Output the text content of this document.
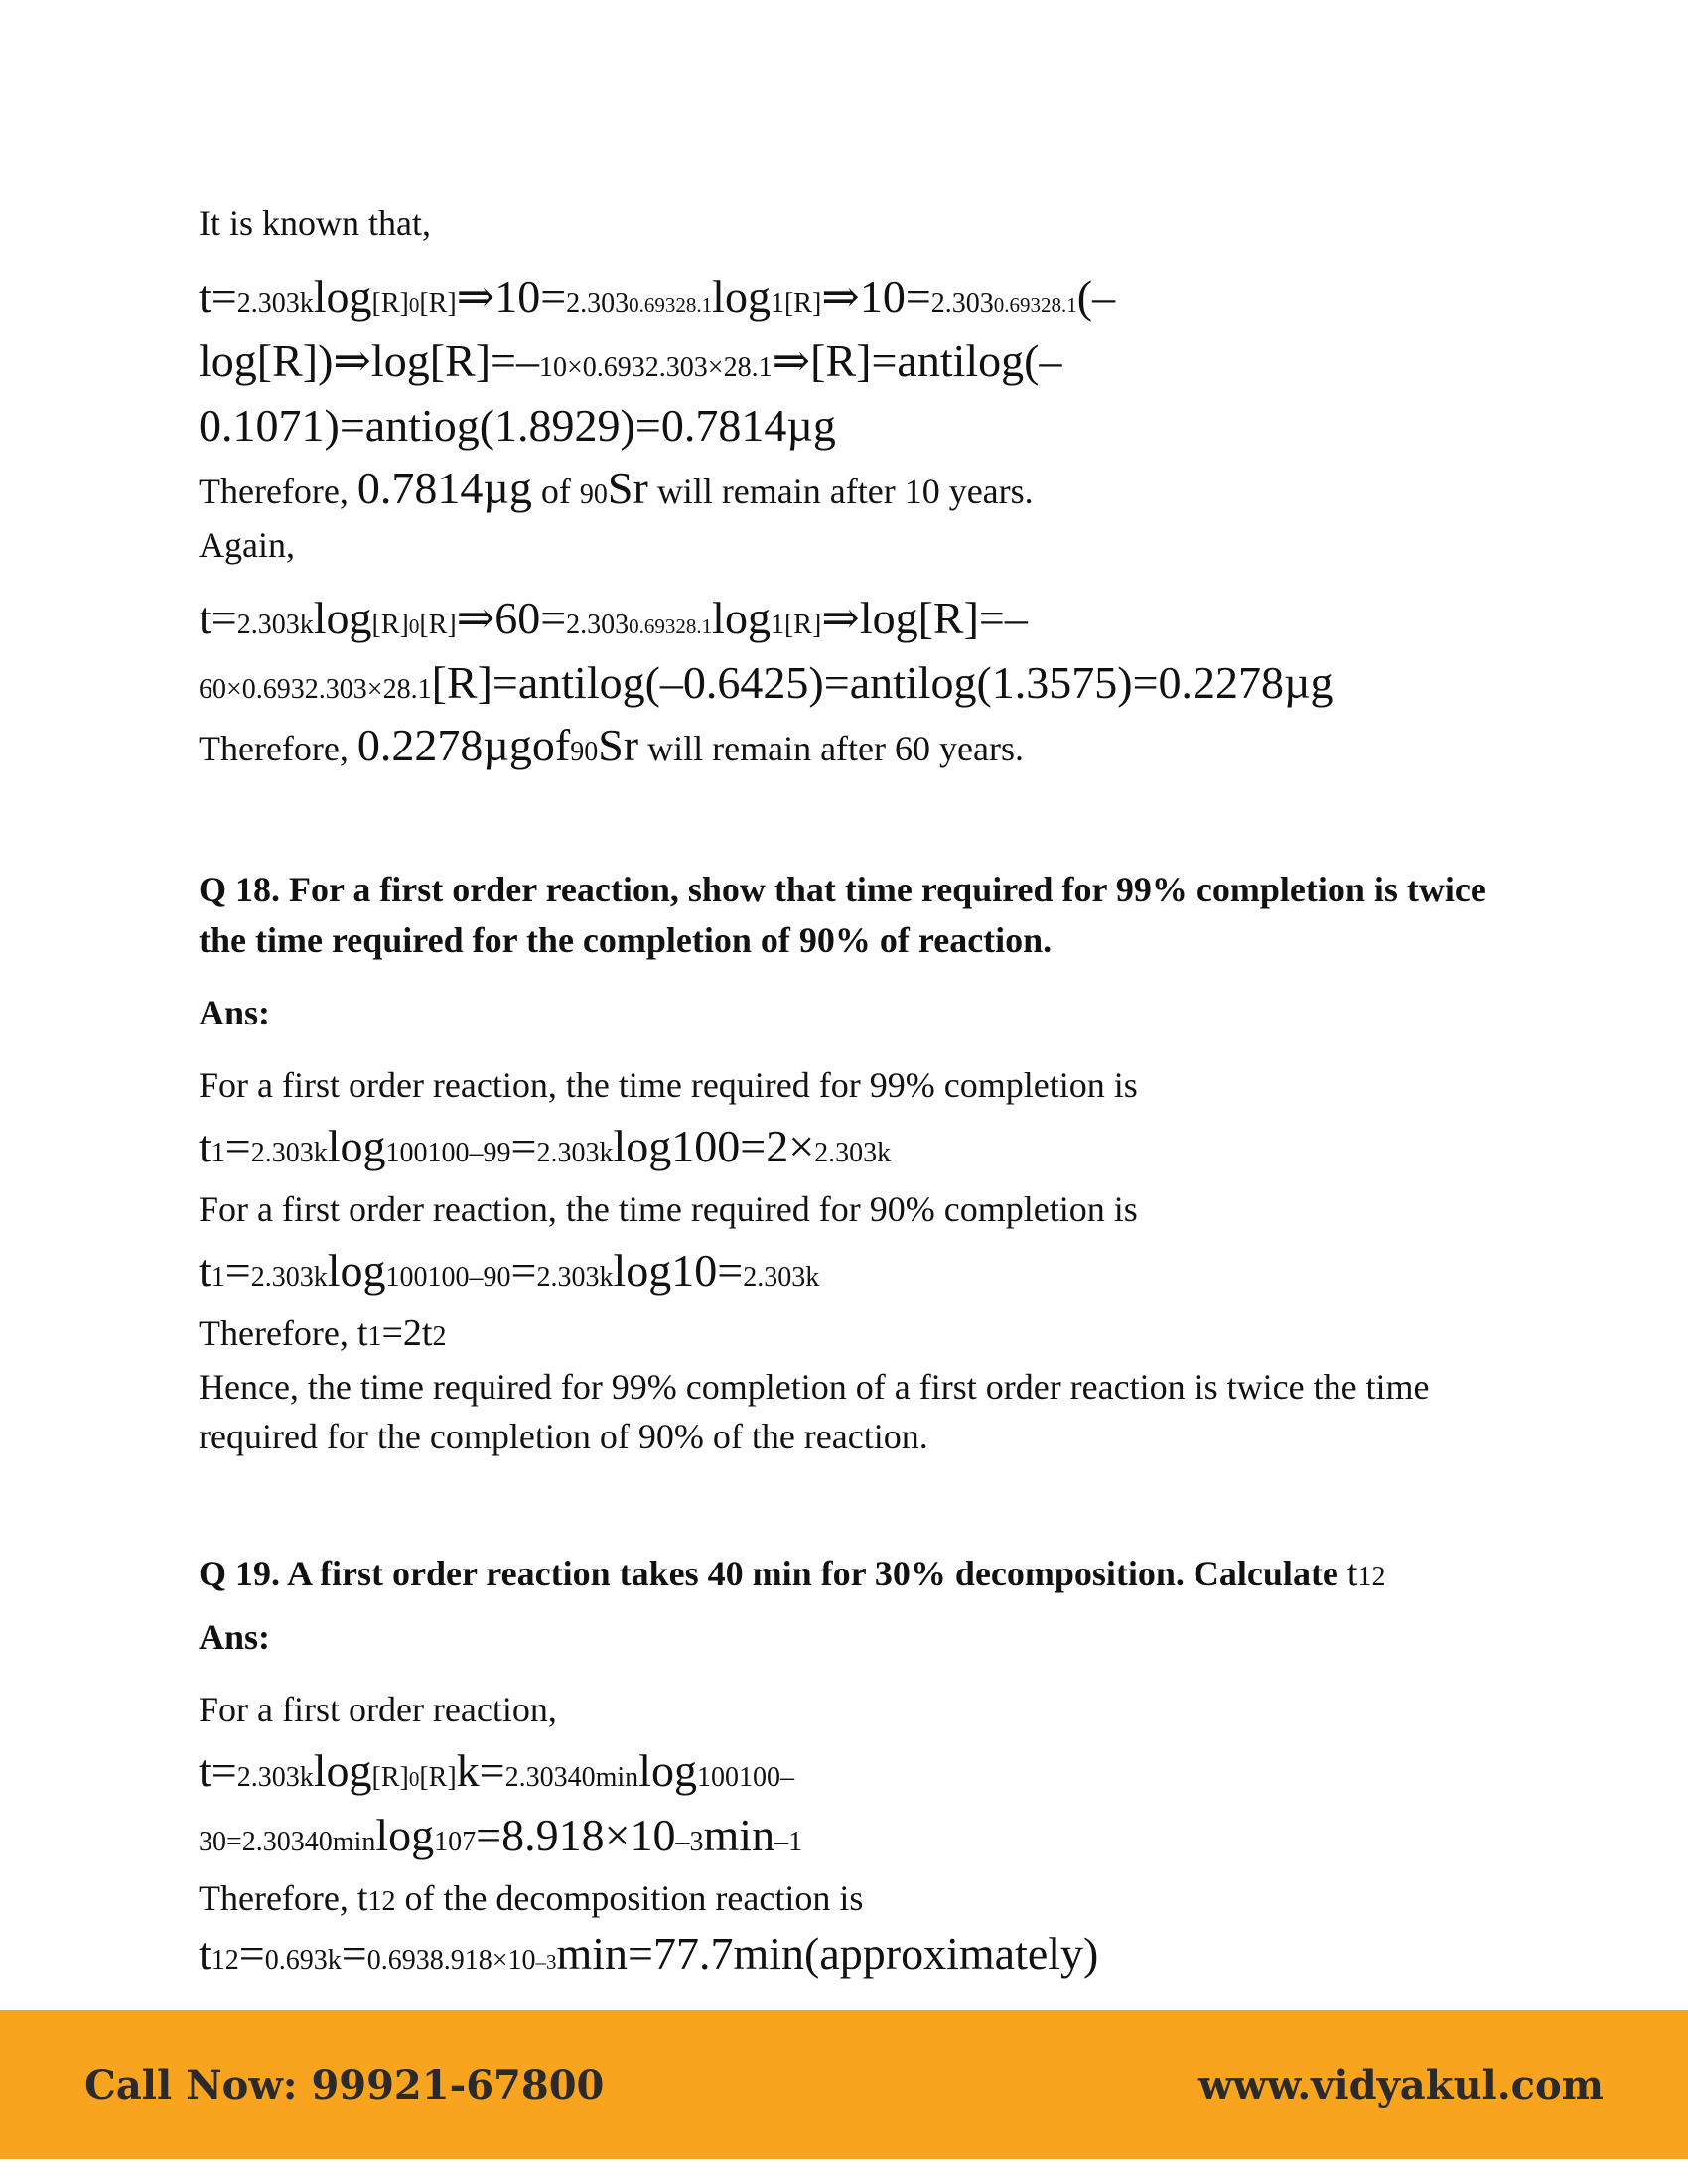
It is known that,

t=2.303klog[R]0[R]⇒10=2.3030.69328.1log1[R]⇒10=2.3030.69328.1(–

log[R])⇒log[R]=–10×0.6932.303×28.1⇒[R]=antilog(–

0.1071)=antiog(1.8929)=0.7814µg

Therefore, 0.7814µg of 90Sr will remain after 10 years.

Again,

t=2.303klog[R]0[R]⇒60=2.3030.69328.1log1[R]⇒log[R]=–

60×0.6932.303×28.1[R]=antilog(–0.6425)=antilog(1.3575)=0.2278µg

Therefore, 0.2278µgof90Sr will remain after 60 years.

Q 18. For a first order reaction, show that time required for 99% completion is twice the time required for the completion of 90% of reaction.

Ans:

For a first order reaction, the time required for 99% completion is

t1=2.303klog100100–99=2.303klog100=2×2.303k

For a first order reaction, the time required for 90% completion is

t1=2.303klog100100–90=2.303klog10=2.303k

Therefore, t1=2t2

Hence, the time required for 99% completion of a first order reaction is twice the time required for the completion of 90% of the reaction.

Q 19. A first order reaction takes 40 min for 30% decomposition. Calculate t12

Ans:

For a first order reaction,

t=2.303klog[R]0[R]k=2.30340minlog100100–

30=2.30340minlog107=8.918×10–3min–1

Therefore, t12 of the decomposition reaction is

t12=0.693k=0.6938.918×10–3min=77.7min(approximately)

Call Now: 99921-67800	www.vidyakul.com
